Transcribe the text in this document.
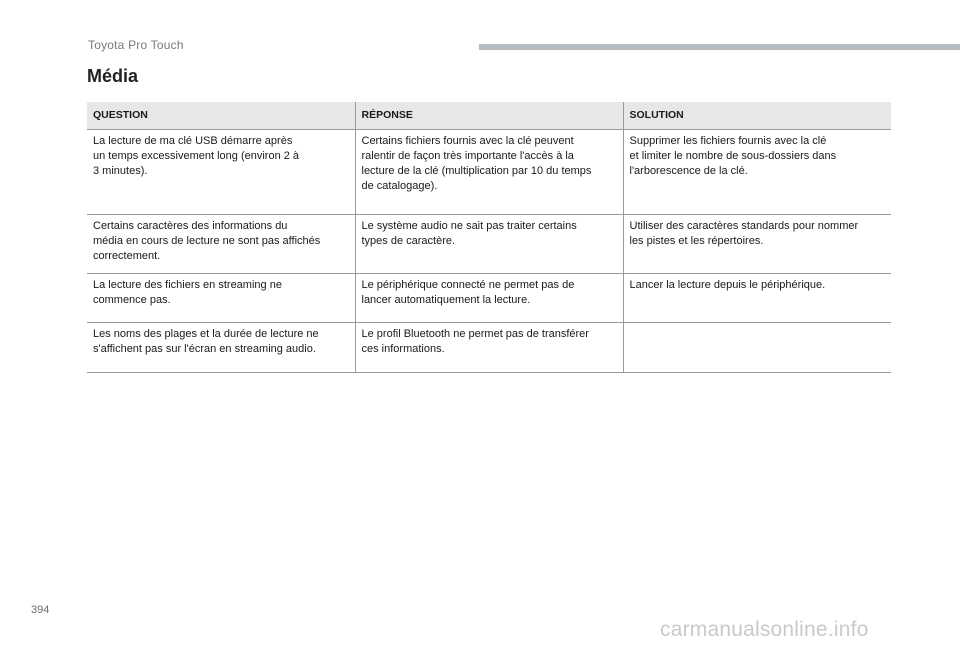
Toyota Pro Touch
Média
QUESTION	RÉPONSE	SOLUTION

La lecture de ma clé USB démarre après
un temps excessivement long (environ 2 à
3 minutes).	Certains fichiers fournis avec la clé peuvent
ralentir de façon très importante l'accès à la
lecture de la clé (multiplication par 10 du temps
de catalogage).	Supprimer les fichiers fournis avec la clé
et limiter le nombre de sous-dossiers dans
l'arborescence de la clé.

Certains caractères des informations du
média en cours de lecture ne sont pas affichés
correctement.	Le système audio ne sait pas traiter certains
types de caractère.	Utiliser des caractères standards pour nommer
les pistes et les répertoires.

La lecture des fichiers en streaming ne
commence pas.	Le périphérique connecté ne permet pas de
lancer automatiquement la lecture.	Lancer la lecture depuis le périphérique.

Les noms des plages et la durée de lecture ne
s'affichent pas sur l'écran en streaming audio.	Le profil Bluetooth ne permet pas de transférer
ces informations.	

394
carmanualsonline.info
